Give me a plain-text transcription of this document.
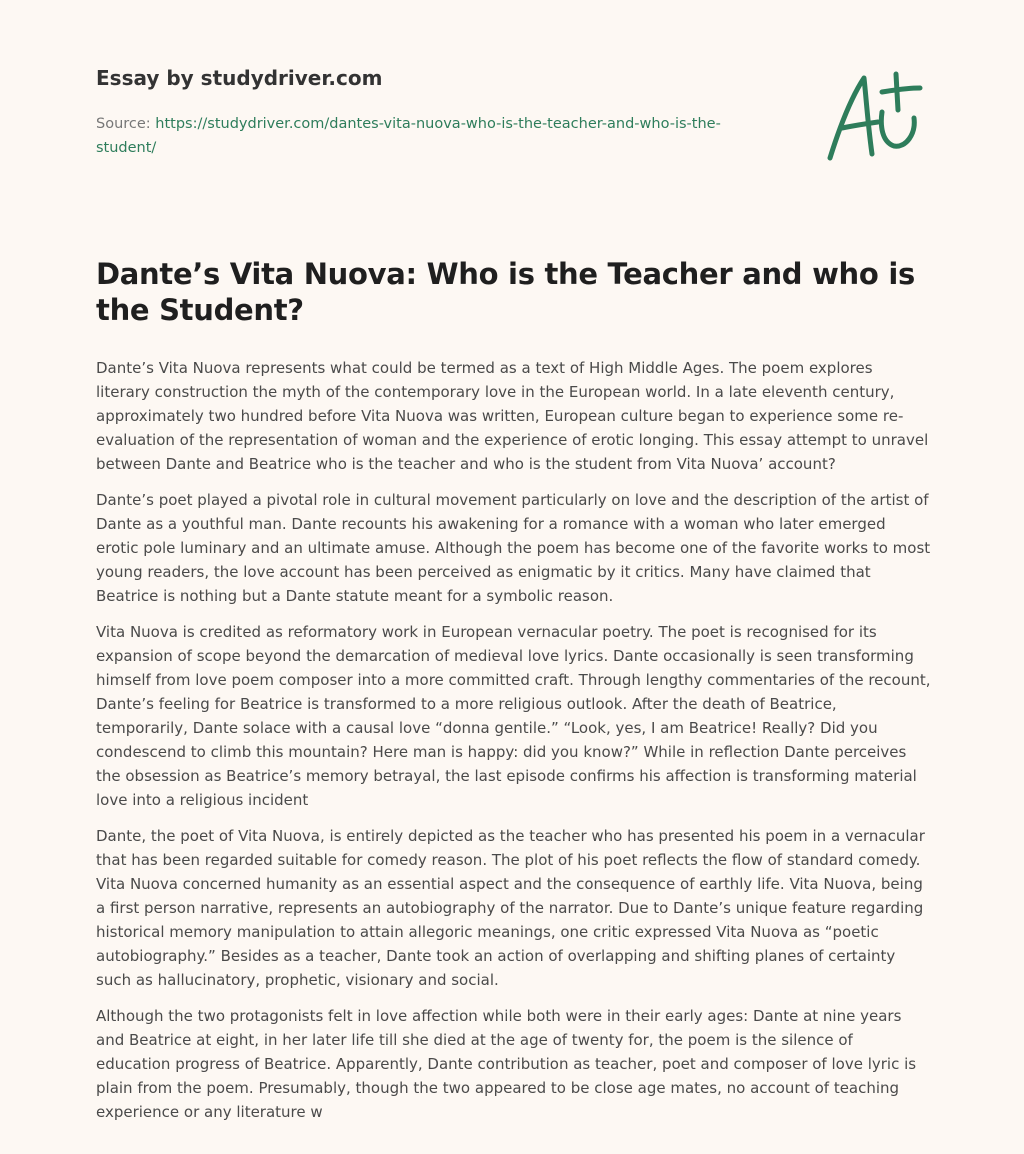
Essay by studydriver.com
Source: https://studydriver.com/dantes-vita-nuova-who-is-the-teacher-and-who-is-the-
student/
Dante’s Vita Nuova: Who is the Teacher and who is the Student?

Dante’s Vita Nuova represents what could be termed as a text of High Middle Ages. The poem explores literary construction the myth of the contemporary love in the European world. In a late eleventh century, approximately two hundred before Vita Nuova was written, European culture began to experience some re-evaluation of the representation of woman and the experience of erotic longing. This essay attempt to unravel between Dante and Beatrice who is the teacher and who is the student from Vita Nuova’ account?

Dante’s poet played a pivotal role in cultural movement particularly on love and the description of the artist of Dante as a youthful man. Dante recounts his awakening for a romance with a woman who later emerged erotic pole luminary and an ultimate amuse. Although the poem has become one of the favorite works to most young readers, the love account has been perceived as enigmatic by it critics. Many have claimed that Beatrice is nothing but a Dante statute meant for a symbolic reason.

Vita Nuova is credited as reformatory work in European vernacular poetry. The poet is recognised for its expansion of scope beyond the demarcation of medieval love lyrics. Dante occasionally is seen transforming himself from love poem composer into a more committed craft. Through lengthy commentaries of the recount, Dante’s feeling for Beatrice is transformed to a more religious outlook. After the death of Beatrice, temporarily, Dante solace with a causal love “donna gentile.” “Look, yes, I am Beatrice! Really? Did you condescend to climb this mountain? Here man is happy: did you know?” While in reflection Dante perceives the obsession as Beatrice’s memory betrayal, the last episode confirms his affection is transforming material love into a religious incident

Dante, the poet of Vita Nuova, is entirely depicted as the teacher who has presented his poem in a vernacular that has been regarded suitable for comedy reason. The plot of his poet reflects the flow of standard comedy. Vita Nuova concerned humanity as an essential aspect and the consequence of earthly life. Vita Nuova, being a first person narrative, represents an autobiography of the narrator. Due to Dante’s unique feature regarding historical memory manipulation to attain allegoric meanings, one critic expressed Vita Nuova as “poetic autobiography.” Besides as a teacher, Dante took an action of overlapping and shifting planes of certainty such as hallucinatory, prophetic, visionary and social.

Although the two protagonists felt in love affection while both were in their early ages: Dante at nine years and Beatrice at eight, in her later life till she died at the age of twenty for, the poem is the silence of education progress of Beatrice. Apparently, Dante contribution as teacher, poet and composer of love lyric is plain from the poem. Presumably, though the two appeared to be close age mates, no account of teaching experience or any literature w
